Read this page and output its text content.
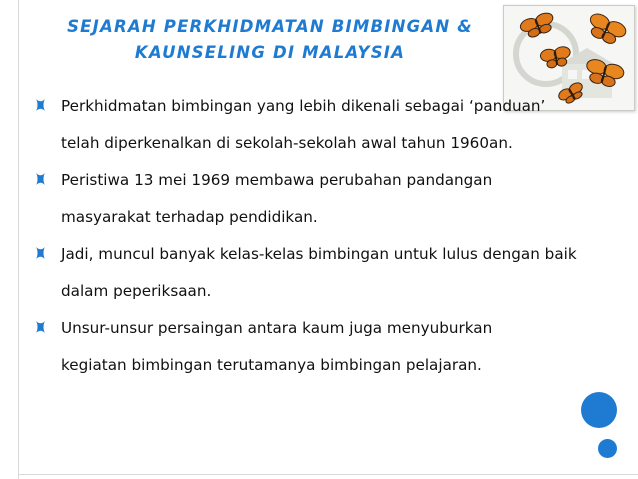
SEJARAH PERKHIDMATAN BIMBINGAN &
KAUNSELING DI MALAYSIA
Perkhidmatan bimbingan yang lebih dikenali sebagai ‘panduan’ telah diperkenalkan di sekolah-sekolah awal tahun 1960an.
Peristiwa 13 mei 1969 membawa perubahan pandangan masyarakat terhadap pendidikan.
Jadi, muncul banyak kelas-kelas bimbingan untuk lulus dengan baik dalam peperiksaan.
Unsur-unsur persaingan antara kaum juga menyuburkan kegiatan bimbingan terutamanya bimbingan pelajaran.
